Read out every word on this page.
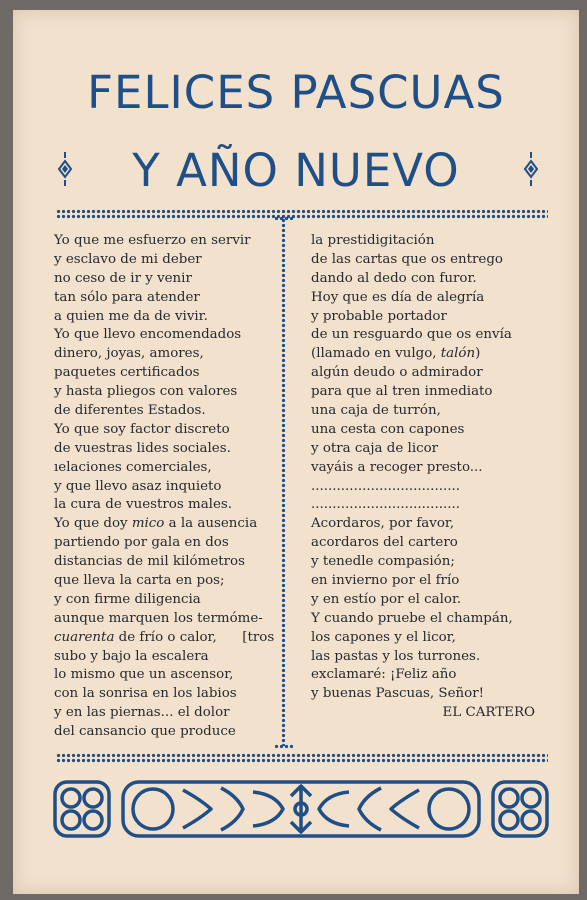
FELICES PASCUAS
Y AÑO NUEVO
Yo que me esfuerzo en servir
y esclavo de mi deber
no ceso de ir y venir
tan sólo para atender
a quien me da de vivir.
Yo que llevo encomendados
dinero, joyas, amores,
paquetes certificados
y hasta pliegos con valores
de diferentes Estados.
Yo que soy factor discreto
de vuestras lides sociales.
ıelaciones comerciales,
y que llevo asaz inquieto
la cura de vuestros males.
Yo que doy mico a la ausencia
partiendo por gala en dos
distancias de mil kilómetros
que lleva la carta en pos;
y con firme diligencia
aunque marquen los termóme-
cuarenta de frío o calor,      [tros
subo y bajo la escalera
lo mismo que un ascensor,
con la sonrisa en los labios
y en las piernas... el dolor
del cansancio que produce
la prestidigitación
de las cartas que os entrego
dando al dedo con furor.
Hoy que es día de alegría
y probable portador
de un resguardo que os envía
(llamado en vulgo, talón)
algún deudo o admirador
para que al tren inmediato
una caja de turrón,
una cesta con capones
y otra caja de licor
vayáis a recoger presto...
...................................
...................................
Acordaros, por favor,
acordaros del cartero
y tenedle compasión;
en invierno por el frío
y en estío por el calor.
Y cuando pruebe el champán,
los capones y el licor,
las pastas y los turrones.
exclamaré: ¡Feliz año
y buenas Pascuas, Señor!
EL CARTERO
